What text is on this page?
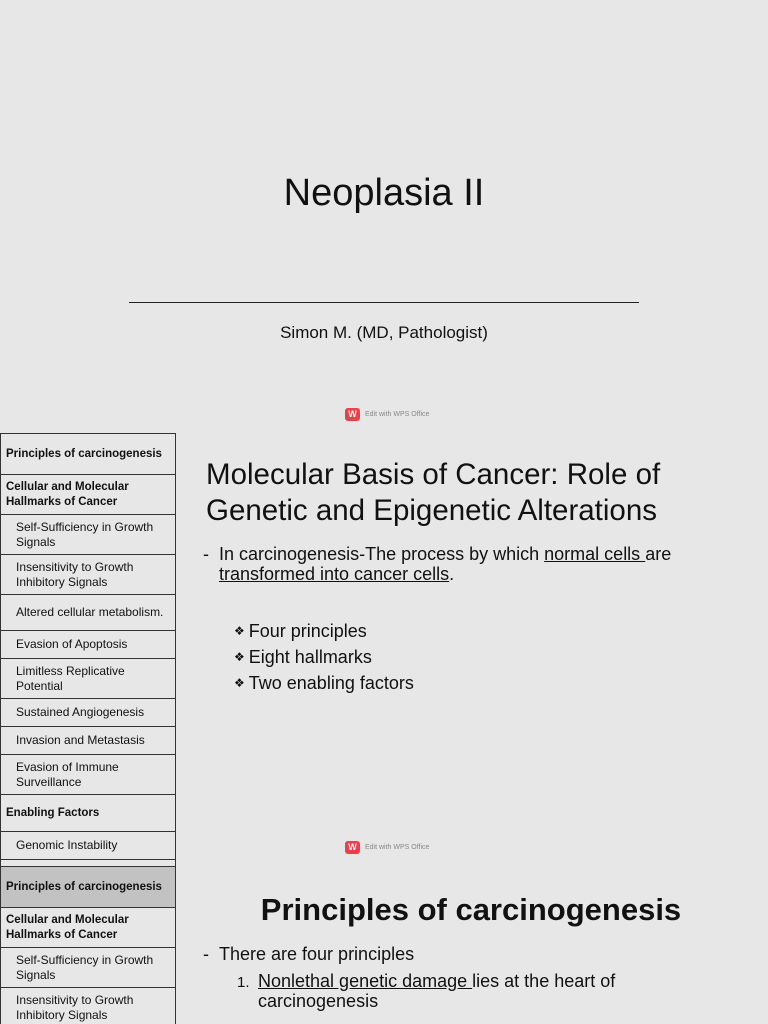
Neoplasia II
Simon M. (MD, Pathologist)
W	Edit with WPS Office
Principles of carcinogenesis
Cellular and Molecular Hallmarks of Cancer
Self-Sufficiency in Growth Signals
Insensitivity to Growth Inhibitory Signals
Altered cellular metabolism.
Evasion of Apoptosis
Limitless Replicative Potential
Sustained Angiogenesis
Invasion and Metastasis
Evasion of Immune Surveillance
Enabling Factors
Genomic Instability
Molecular Basis of Cancer: Role of Genetic and Epigenetic Alterations
- In carcinogenesis-The process by which normal cells are
transformed into cancer cells.
❖ Four principles
❖ Eight hallmarks
❖ Two enabling factors
W	Edit with WPS Office
Principles of carcinogenesis
Cellular and Molecular Hallmarks of Cancer
Self-Sufficiency in Growth Signals
Insensitivity to Growth Inhibitory Signals
Principles of carcinogenesis
- There are four principles
1. Nonlethal genetic damage lies at the heart of
carcinogenesis
